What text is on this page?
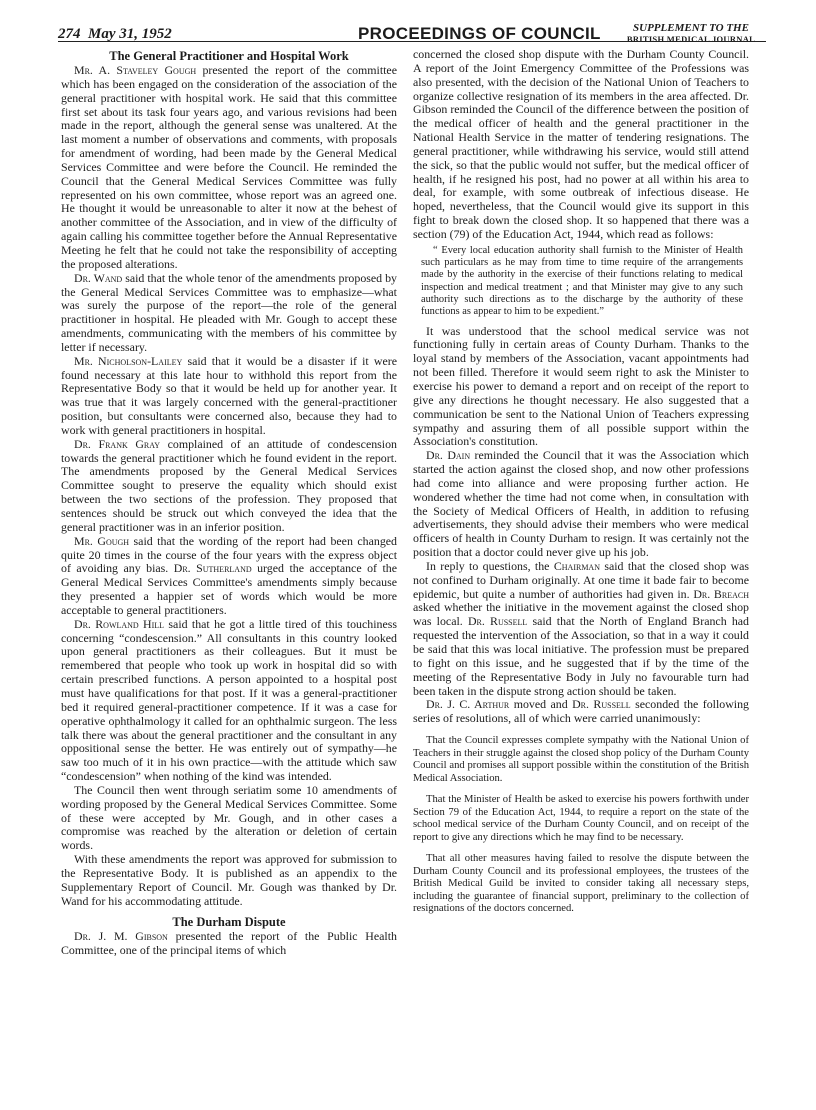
274 May 31, 1952	PROCEEDINGS OF COUNCIL	SUPPLEMENT TO THE
BRITISH MEDICAL JOURNAL
The General Practitioner and Hospital Work

Mr. A. Staveley Gough presented the report of the committee which has been engaged on the consideration of the association of the general practitioner with hospital work. He said that this committee first set about its task four years ago, and various revisions had been made in the report, although the general sense was unaltered. At the last moment a number of observations and comments, with proposals for amendment of wording, had been made by the General Medical Services Committee and were before the Council. He reminded the Council that the General Medical Services Committee was fully represented on his own committee, whose report was an agreed one. He thought it would be unreasonable to alter it now at the behest of another committee of the Association, and in view of the difficulty of again calling his committee together before the Annual Representative Meeting he felt that he could not take the responsibility of accepting the proposed alterations.

Dr. Wand said that the whole tenor of the amendments proposed by the General Medical Services Committee was to emphasize—what was surely the purpose of the report—the role of the general practitioner in hospital. He pleaded with Mr. Gough to accept these amendments, communicating with the members of his committee by letter if necessary.

Mr. Nicholson-Lailey said that it would be a disaster if it were found necessary at this late hour to withhold this report from the Representative Body so that it would be held up for another year. It was true that it was largely concerned with the general-practitioner position, but consultants were concerned also, because they had to work with general practitioners in hospital.

Dr. Frank Gray complained of an attitude of condescension towards the general practitioner which he found evident in the report. The amendments proposed by the General Medical Services Committee sought to preserve the equality which should exist between the two sections of the profession. They proposed that sentences should be struck out which conveyed the idea that the general practitioner was in an inferior position.

Mr. Gough said that the wording of the report had been changed quite 20 times in the course of the four years with the express object of avoiding any bias. Dr. Sutherland urged the acceptance of the General Medical Services Committee's amendments simply because they presented a happier set of words which would be more acceptable to general practitioners.

Dr. Rowland Hill said that he got a little tired of this touchiness concerning “condescension.” All consultants in this country looked upon general practitioners as their colleagues. But it must be remembered that people who took up work in hospital did so with certain prescribed functions. A person appointed to a hospital post must have qualifications for that post. If it was a general-practitioner bed it required general-practitioner competence. If it was a case for operative ophthalmology it called for an ophthalmic surgeon. The less talk there was about the general practitioner and the consultant in any oppositional sense the better. He was entirely out of sympathy—he saw too much of it in his own practice—with the attitude which saw “condescension” when nothing of the kind was intended.

The Council then went through seriatim some 10 amendments of wording proposed by the General Medical Services Committee. Some of these were accepted by Mr. Gough, and in other cases a compromise was reached by the alteration or deletion of certain words.

With these amendments the report was approved for submission to the Representative Body. It is published as an appendix to the Supplementary Report of Council. Mr. Gough was thanked by Dr. Wand for his accommodating attitude.

The Durham Dispute

Dr. J. M. Gibson presented the report of the Public Health Committee, one of the principal items of which

concerned the closed shop dispute with the Durham County Council. A report of the Joint Emergency Committee of the Professions was also presented, with the decision of the National Union of Teachers to organize collective resignation of its members in the area affected. Dr. Gibson reminded the Council of the difference between the position of the medical officer of health and the general practitioner in the National Health Service in the matter of tendering resignations. The general practitioner, while withdrawing his service, would still attend the sick, so that the public would not suffer, but the medical officer of health, if he resigned his post, had no power at all within his area to deal, for example, with some outbreak of infectious disease. He hoped, nevertheless, that the Council would give its support in this fight to break down the closed shop. It so happened that there was a section (79) of the Education Act, 1944, which read as follows:

“ Every local education authority shall furnish to the Minister of Health such particulars as he may from time to time require of the arrangements made by the authority in the exercise of their functions relating to medical inspection and medical treatment ; and that Minister may give to any such authority such directions as to the discharge by the authority of these functions as appear to him to be expedient.”

It was understood that the school medical service was not functioning fully in certain areas of County Durham. Thanks to the loyal stand by members of the Association, vacant appointments had not been filled. Therefore it would seem right to ask the Minister to exercise his power to demand a report and on receipt of the report to give any directions he thought necessary. He also suggested that a communication be sent to the National Union of Teachers expressing sympathy and assuring them of all possible support within the Association's constitution.

Dr. Dain reminded the Council that it was the Association which started the action against the closed shop, and now other professions had come into alliance and were proposing further action. He wondered whether the time had not come when, in consultation with the Society of Medical Officers of Health, in addition to refusing advertisements, they should advise their members who were medical officers of health in County Durham to resign. It was certainly not the position that a doctor could never give up his job.

In reply to questions, the Chairman said that the closed shop was not confined to Durham originally. At one time it bade fair to become epidemic, but quite a number of authorities had given in. Dr. Breach asked whether the initiative in the movement against the closed shop was local. Dr. Russell said that the North of England Branch had requested the intervention of the Association, so that in a way it could be said that this was local initiative. The profession must be prepared to fight on this issue, and he suggested that if by the time of the meeting of the Representative Body in July no favourable turn had been taken in the dispute strong action should be taken.

Dr. J. C. Arthur moved and Dr. Russell seconded the following series of resolutions, all of which were carried unanimously:

That the Council expresses complete sympathy with the National Union of Teachers in their struggle against the closed shop policy of the Durham County Council and promises all support possible within the constitution of the British Medical Association.

That the Minister of Health be asked to exercise his powers forthwith under Section 79 of the Education Act, 1944, to require a report on the state of the school medical service of the Durham County Council, and on receipt of the report to give any directions which he may find to be necessary.

That all other measures having failed to resolve the dispute between the Durham County Council and its professional employees, the trustees of the British Medical Guild be invited to consider taking all necessary steps, including the guarantee of financial support, preliminary to the collection of resignations of the doctors concerned.
